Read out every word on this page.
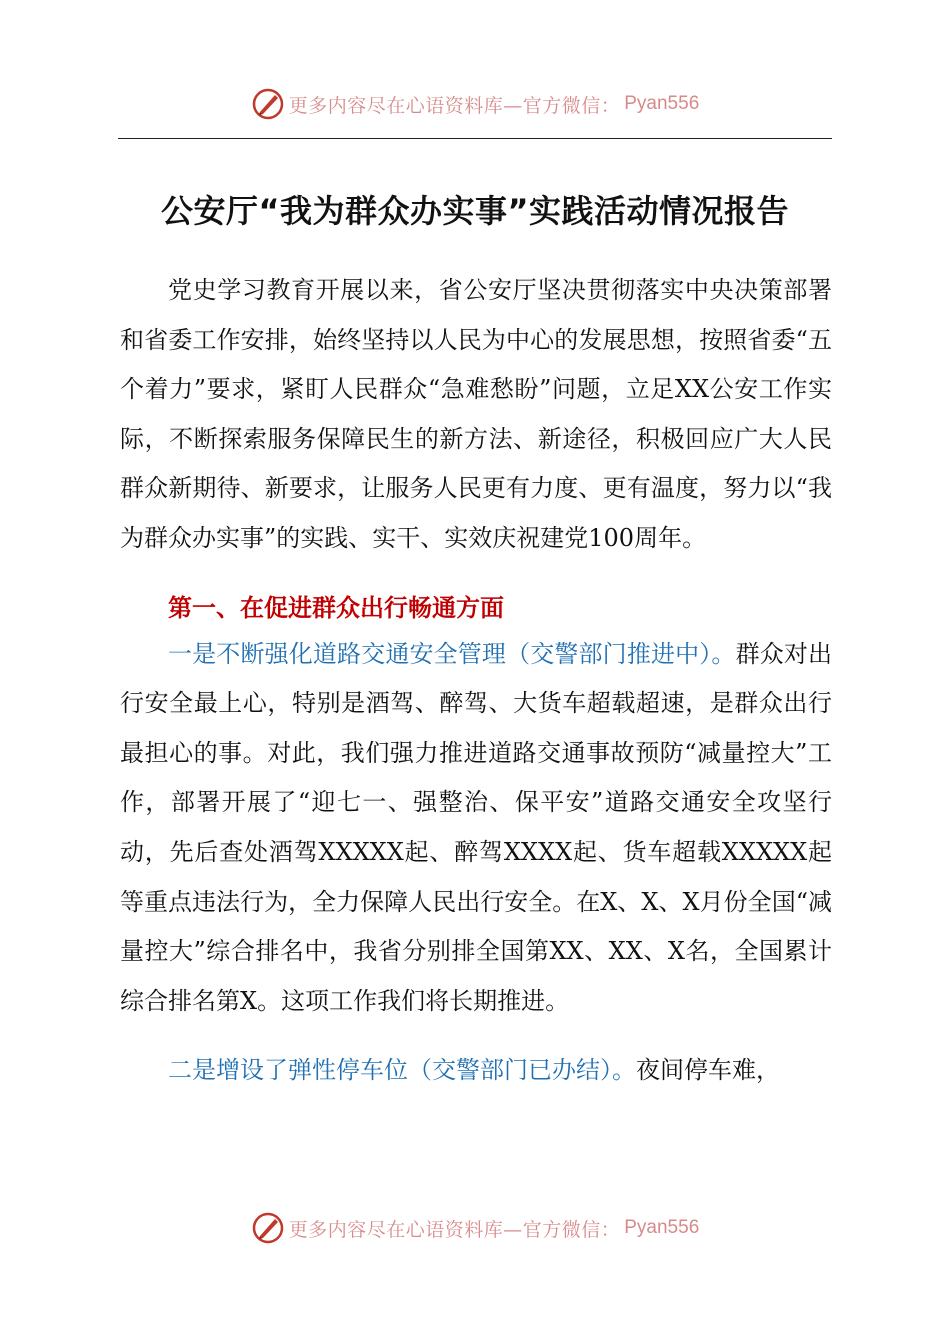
更多内容尽在心语资料库—官方微信： Pyan556
公安厅“我为群众办实事”实践活动情况报告

党史学习教育开展以来，省公安厅坚决贯彻落实中央决策部署和省委工作安排，始终坚持以人民为中心的发展思想，按照省委“五个着力”要求，紧盯人民群众“急难愁盼”问题，立足XX公安工作实际，不断探索服务保障民生的新方法、新途径，积极回应广大人民群众新期待、新要求，让服务人民更有力度、更有温度，努力以“我为群众办实事”的实践、实干、实效庆祝建党100周年。

第一、在促进群众出行畅通方面

一是不断强化道路交通安全管理（交警部门推进中）。群众对出行安全最上心，特别是酒驾、醉驾、大货车超载超速，是群众出行最担心的事。对此，我们强力推进道路交通事故预防“减量控大”工作，部署开展了“迎七一、强整治、保平安”道路交通安全攻坚行动，先后查处酒驾XXXXX起、醉驾XXXX起、货车超载XXXXX起等重点违法行为，全力保障人民出行安全。在X、X、X月份全国“减量控大”综合排名中，我省分别排全国第XX、XX、X名，全国累计综合排名第X。这项工作我们将长期推进。

二是增设了弹性停车位（交警部门已办结）。夜间停车难，

更多内容尽在心语资料库—官方微信： Pyan556
